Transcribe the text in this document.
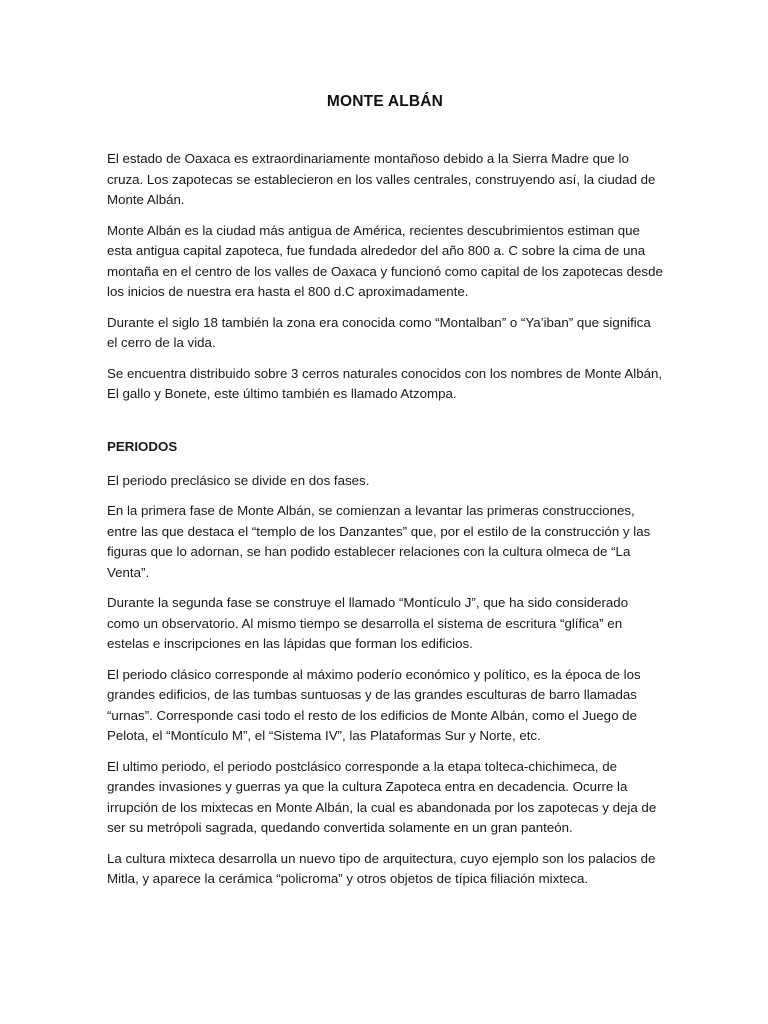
MONTE ALBÁN

El estado de Oaxaca es extraordinariamente montañoso debido a la Sierra Madre que lo cruza. Los zapotecas se establecieron en los valles centrales, construyendo así, la ciudad de Monte Albán.

Monte Albán es la ciudad más antigua de América, recientes descubrimientos estiman que esta antigua capital zapoteca, fue fundada alrededor del año 800 a. C sobre la cima de una montaña en el centro de los valles de Oaxaca y funcionó como capital de los zapotecas desde los inicios de nuestra era hasta el 800 d.C aproximadamente.

Durante el siglo 18 también la zona era conocida como “Montalban” o “Ya’iban” que significa el cerro de la vida.

Se encuentra distribuido sobre 3 cerros naturales conocidos con los nombres de Monte Albán, El gallo y Bonete, este último también es llamado Atzompa.

PERIODOS

El periodo preclásico se divide en dos fases.

En la primera fase de Monte Albán, se comienzan a levantar las primeras construcciones, entre las que destaca el “templo de los Danzantes” que, por el estilo de la construcción y las figuras que lo adornan, se han podido establecer relaciones con la cultura olmeca de “La Venta”.

Durante la segunda fase se construye el llamado “Montículo J”, que ha sido considerado como un observatorio. Al mismo tiempo se desarrolla el sistema de escritura “glífica” en estelas e inscripciones en las lápidas que forman los edificios.

El periodo clásico corresponde al máximo poderío económico y político, es la época de los grandes edificios, de las tumbas suntuosas y de las grandes esculturas de barro llamadas “urnas”. Corresponde casi todo el resto de los edificios de Monte Albán, como el Juego de Pelota, el “Montículo M”, el “Sistema IV”, las Plataformas Sur y Norte, etc.

El ultimo periodo, el periodo postclásico corresponde a la etapa tolteca-chichimeca, de grandes invasiones y guerras ya que la cultura Zapoteca entra en decadencia. Ocurre la irrupción de los mixtecas en Monte Albán, la cual es abandonada por los zapotecas y deja de ser su metrópoli sagrada, quedando convertida solamente en un gran panteón.

La cultura mixteca desarrolla un nuevo tipo de arquitectura, cuyo ejemplo son los palacios de Mitla, y aparece la cerámica “policroma” y otros objetos de típica filiación mixteca.
